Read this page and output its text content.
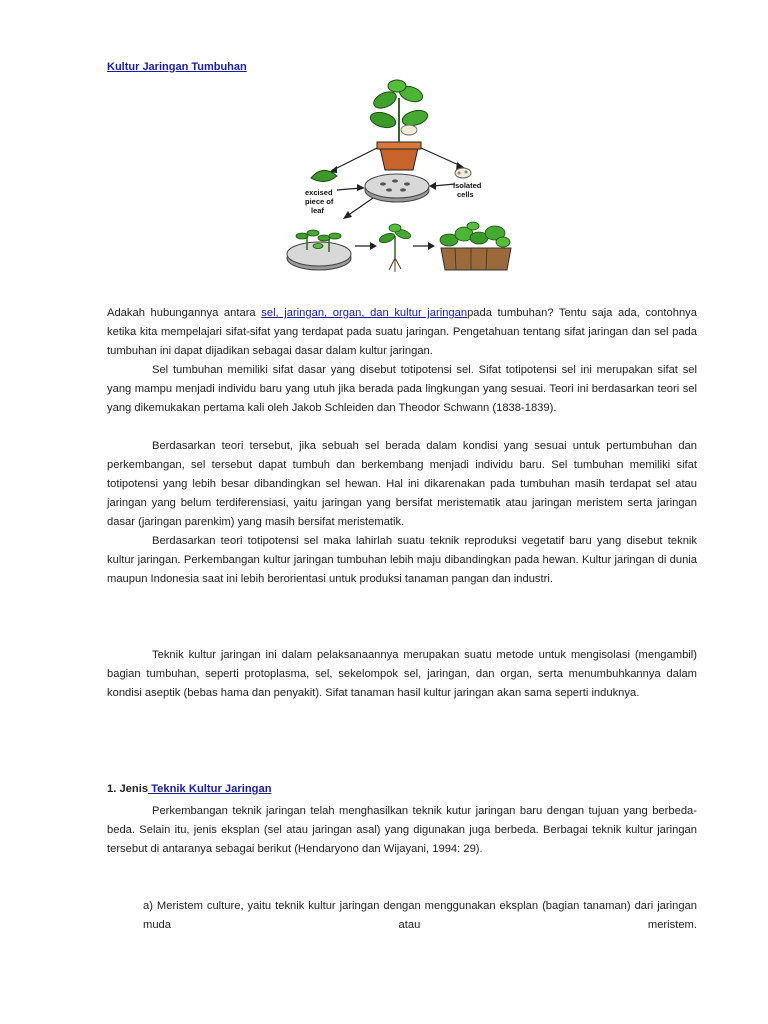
Kultur Jaringan Tumbuhan
excised
piece of
leaf
isolated
cells

Adakah hubungannya antara sel, jaringan, organ, dan kultur jaringanpada tumbuhan? Tentu saja ada, contohnya ketika kita mempelajari sifat-sifat yang terdapat pada suatu jaringan. Pengetahuan tentang sifat jaringan dan sel pada tumbuhan ini dapat dijadikan sebagai dasar dalam kultur jaringan.

Sel tumbuhan memiliki sifat dasar yang disebut totipotensi sel. Sifat totipotensi sel ini merupakan sifat sel yang mampu menjadi individu baru yang utuh jika berada pada lingkungan yang sesuai. Teori ini berdasarkan teori sel yang dikemukakan pertama kali oleh Jakob Schleiden dan Theodor Schwann (1838-1839).

Berdasarkan teori tersebut, jika sebuah sel berada dalam kondisi yang sesuai untuk pertumbuhan dan perkembangan, sel tersebut dapat tumbuh dan berkembang menjadi individu baru. Sel tumbuhan memiliki sifat totipotensi yang lebih besar dibandingkan sel hewan. Hal ini dikarenakan pada tumbuhan masih terdapat sel atau jaringan yang belum terdiferensiasi, yaitu jaringan yang bersifat meristematik atau jaringan meristem serta jaringan dasar (jaringan parenkim) yang masih bersifat meristematik.

Berdasarkan teori totipotensi sel maka lahirlah suatu teknik reproduksi vegetatif baru yang disebut teknik kultur jaringan. Perkembangan kultur jaringan tumbuhan lebih maju dibandingkan pada hewan. Kultur jaringan di dunia maupun Indonesia saat ini lebih berorientasi untuk produksi tanaman pangan dan industri.

Teknik kultur jaringan ini dalam pelaksanaannya merupakan suatu metode untuk mengisolasi (mengambil) bagian tumbuhan, seperti protoplasma, sel, sekelompok sel, jaringan, dan organ, serta menumbuhkannya dalam kondisi aseptik (bebas hama dan penyakit). Sifat tanaman hasil kultur jaringan akan sama seperti induknya.

1. Jenis Teknik Kultur Jaringan

Perkembangan teknik jaringan telah menghasilkan teknik kutur jaringan baru dengan tujuan yang berbeda-beda. Selain itu, jenis eksplan (sel atau jaringan asal) yang digunakan juga berbeda. Berbagai teknik kultur jaringan tersebut di antaranya sebagai berikut (Hendaryono dan Wijayani, 1994: 29).

a) Meristem culture, yaitu teknik kultur jaringan dengan menggunakan eksplan (bagian tanaman) dari jaringan muda atau meristem.
